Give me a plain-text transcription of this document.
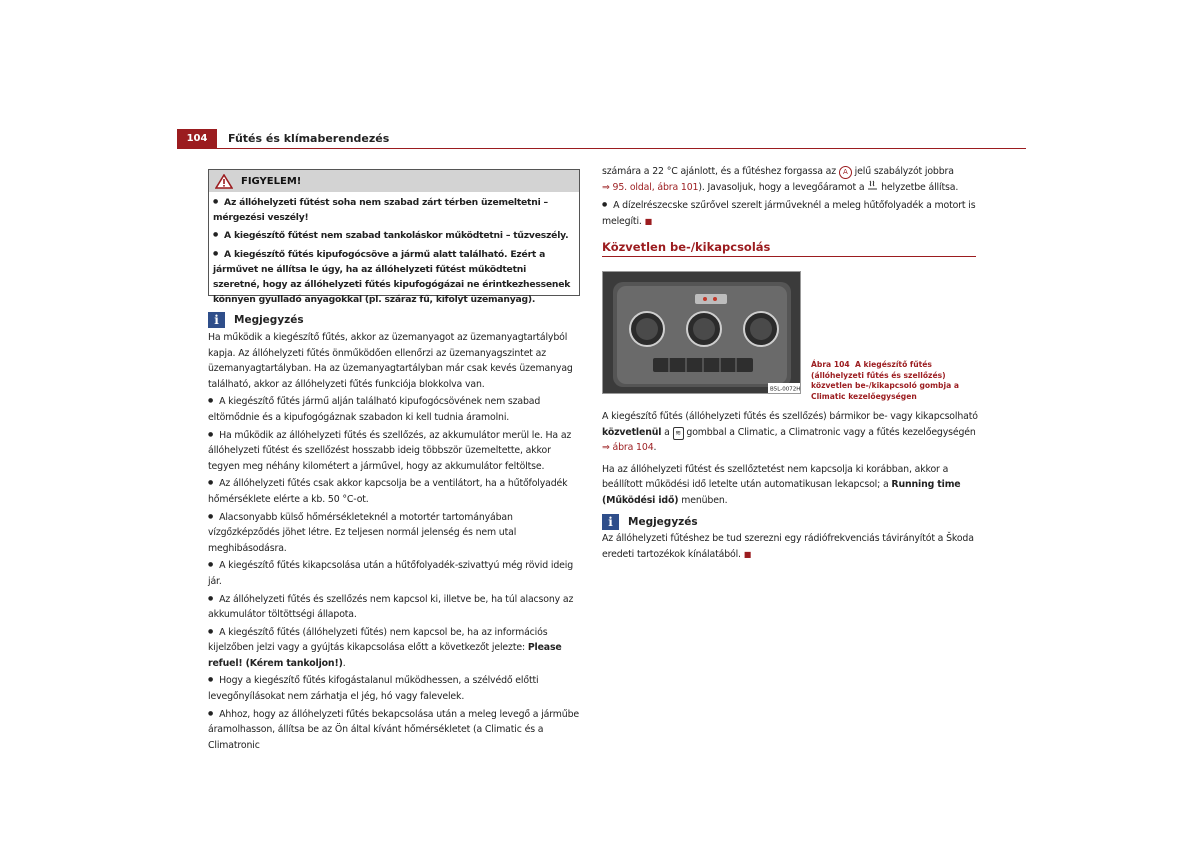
104	Fűtés és klímaberendezés
FIGYELEM!

● Az állóhelyzeti fűtést soha nem szabad zárt térben üzemeltetni – mérgezési veszély!

● A kiegészítő fűtést nem szabad tankoláskor működtetni – tűzveszély.

● A kiegészítő fűtés kipufogócsöve a jármű alatt található. Ezért a járművet ne állítsa le úgy, ha az állóhelyzeti fűtést működtetni szeretné, hogy az állóhelyzeti fűtés kipufogógázai ne érintkezhessenek könnyen gyulladó anyagokkal (pl. száraz fű, kifolyt üzemanyag).

i	Megjegyzés

Ha működik a kiegészítő fűtés, akkor az üzemanyagot az üzemanyagtartályból kapja. Az állóhelyzeti fűtés önműködően ellenőrzi az üzemanyagszintet az üzemanyagtartályban. Ha az üzemanyagtartályban már csak kevés üzemanyag található, akkor az állóhelyzeti fűtés funkciója blokkolva van.

● A kiegészítő fűtés jármű alján található kipufogócsövének nem szabad eltömődnie és a kipufogógáznak szabadon ki kell tudnia áramolni.

● Ha működik az állóhelyzeti fűtés és szellőzés, az akkumulátor merül le. Ha az állóhelyzeti fűtést és szellőzést hosszabb ideig többször üzemeltette, akkor tegyen meg néhány kilométert a járművel, hogy az akkumulátor feltöltse.

● Az állóhelyzeti fűtés csak akkor kapcsolja be a ventilátort, ha a hűtőfolyadék hőmérséklete elérte a kb. 50 °C-ot.

● Alacsonyabb külső hőmérsékleteknél a motortér tartományában vízgőzképződés jöhet létre. Ez teljesen normál jelenség és nem utal meghibásodásra.

● A kiegészítő fűtés kikapcsolása után a hűtőfolyadék-szivattyú még rövid ideig jár.

● Az állóhelyzeti fűtés és szellőzés nem kapcsol ki, illetve be, ha túl alacsony az akkumulátor töltöttségi állapota.

● A kiegészítő fűtés (állóhelyzeti fűtés) nem kapcsol be, ha az információs kijelzőben jelzi vagy a gyújtás kikapcsolása előtt a következőt jelezte: Please refuel! (Kérem tankoljon!).

● Hogy a kiegészítő fűtés kifogástalanul működhessen, a szélvédő előtti levegőnyílásokat nem zárhatja el jég, hó vagy falevelek.

● Ahhoz, hogy az állóhelyzeti fűtés bekapcsolása után a meleg levegő a járműbe áramolhasson, állítsa be az Ön által kívánt hőmérsékletet (a Climatic és a Climatronic

számára a 22 °C ajánlott, és a fűtéshez forgassa az A jelű szabályzót jobbra
⇒ 95. oldal, ábra 101). Javasoljuk, hogy a levegőáramot a  helyzetbe állítsa.

● A dízelrészecske szűrővel szerelt járműveknél a meleg hűtőfolyadék a motort is melegíti. ■

Közvetlen be-/kikapcsolás
B5L-0072H
Ábra 104 A kiegészítő fűtés (állóhelyzeti fűtés és szellőzés) közvetlen be-/kikapcsoló gombja a Climatic kezelőegységen

A kiegészítő fűtés (állóhelyzeti fűtés és szellőzés) bármikor be- vagy kikapcsolható közvetlenül a ≋ gombbal a Climatic, a Climatronic vagy a fűtés kezelőegységén
⇒ ábra 104.

Ha az állóhelyzeti fűtést és szellőztetést nem kapcsolja ki korábban, akkor a beállított működési idő letelte után automatikusan lekapcsol; a Running time (Működési idő) menüben.

i	Megjegyzés

Az állóhelyzeti fűtéshez be tud szerezni egy rádiófrekvenciás távirányítót a Škoda eredeti tartozékok kínálatából. ■
